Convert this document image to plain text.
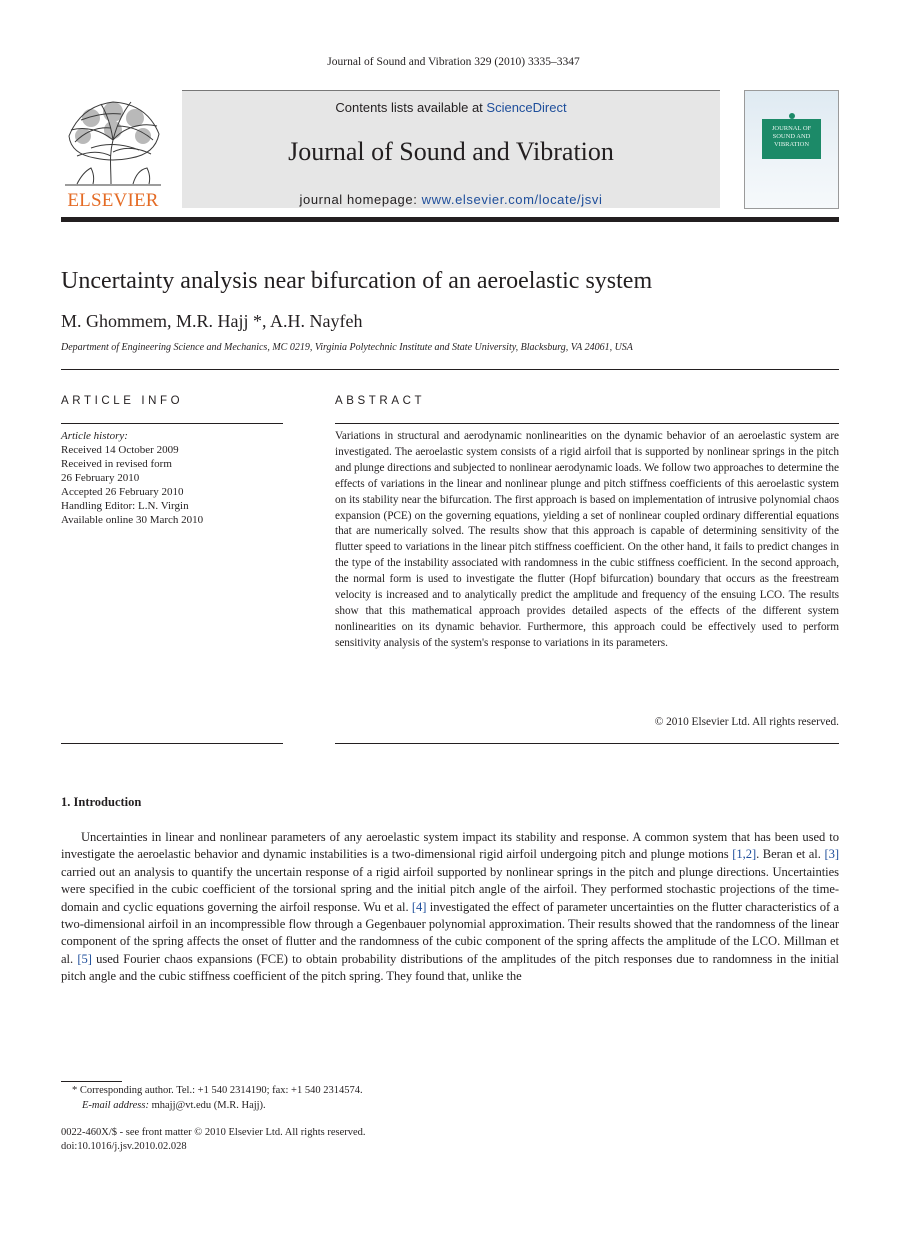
Journal of Sound and Vibration 329 (2010) 3335–3347
ELSEVIER
Contents lists available at ScienceDirect
Journal of Sound and Vibration
journal homepage: www.elsevier.com/locate/jsvi
JOURNAL OF SOUND AND VIBRATION
Uncertainty analysis near bifurcation of an aeroelastic system
M. Ghommem, M.R. Hajj *, A.H. Nayfeh
Department of Engineering Science and Mechanics, MC 0219, Virginia Polytechnic Institute and State University, Blacksburg, VA 24061, USA
ARTICLE INFO	ABSTRACT
Article history:
Received 14 October 2009
Received in revised form
26 February 2010
Accepted 26 February 2010
Handling Editor: L.N. Virgin
Available online 30 March 2010
Variations in structural and aerodynamic nonlinearities on the dynamic behavior of an aeroelastic system are investigated. The aeroelastic system consists of a rigid airfoil that is supported by nonlinear springs in the pitch and plunge directions and subjected to nonlinear aerodynamic loads. We follow two approaches to determine the effects of variations in the linear and nonlinear plunge and pitch stiffness coefficients of this aeroelastic system on its stability near the bifurcation. The first approach is based on implementation of intrusive polynomial chaos expansion (PCE) on the governing equations, yielding a set of nonlinear coupled ordinary differential equations that are numerically solved. The results show that this approach is capable of determining sensitivity of the flutter speed to variations in the linear pitch stiffness coefficient. On the other hand, it fails to predict changes in the type of the instability associated with randomness in the cubic stiffness coefficient. In the second approach, the normal form is used to investigate the flutter (Hopf bifurcation) boundary that occurs as the freestream velocity is increased and to analytically predict the amplitude and frequency of the ensuing LCO. The results show that this mathematical approach provides detailed aspects of the effects of the different system nonlinearities on its dynamic behavior. Furthermore, this approach could be effectively used to perform sensitivity analysis of the system's response to variations in its parameters.
© 2010 Elsevier Ltd. All rights reserved.
1. Introduction
Uncertainties in linear and nonlinear parameters of any aeroelastic system impact its stability and response. A common system that has been used to investigate the aeroelastic behavior and dynamic instabilities is a two-dimensional rigid airfoil undergoing pitch and plunge motions [1,2]. Beran et al. [3] carried out an analysis to quantify the uncertain response of a rigid airfoil supported by nonlinear springs in the pitch and plunge directions. Uncertainties were specified in the cubic coefficient of the torsional spring and the initial pitch angle of the airfoil. They performed stochastic projections of the time-domain and cyclic equations governing the airfoil response. Wu et al. [4] investigated the effect of parameter uncertainties on the flutter characteristics of a two-dimensional airfoil in an incompressible flow through a Gegenbauer polynomial approximation. Their results showed that the randomness of the linear component of the spring affects the onset of flutter and the randomness of the cubic component of the spring affects the amplitude of the LCO. Millman et al. [5] used Fourier chaos expansions (FCE) to obtain probability distributions of the amplitudes of the pitch responses due to randomness in the initial pitch angle and the cubic stiffness coefficient of the pitch spring. They found that, unlike the
* Corresponding author. Tel.: +1 540 2314190; fax: +1 540 2314574.
E-mail address: mhajj@vt.edu (M.R. Hajj).
0022-460X/$ - see front matter © 2010 Elsevier Ltd. All rights reserved.
doi:10.1016/j.jsv.2010.02.028
